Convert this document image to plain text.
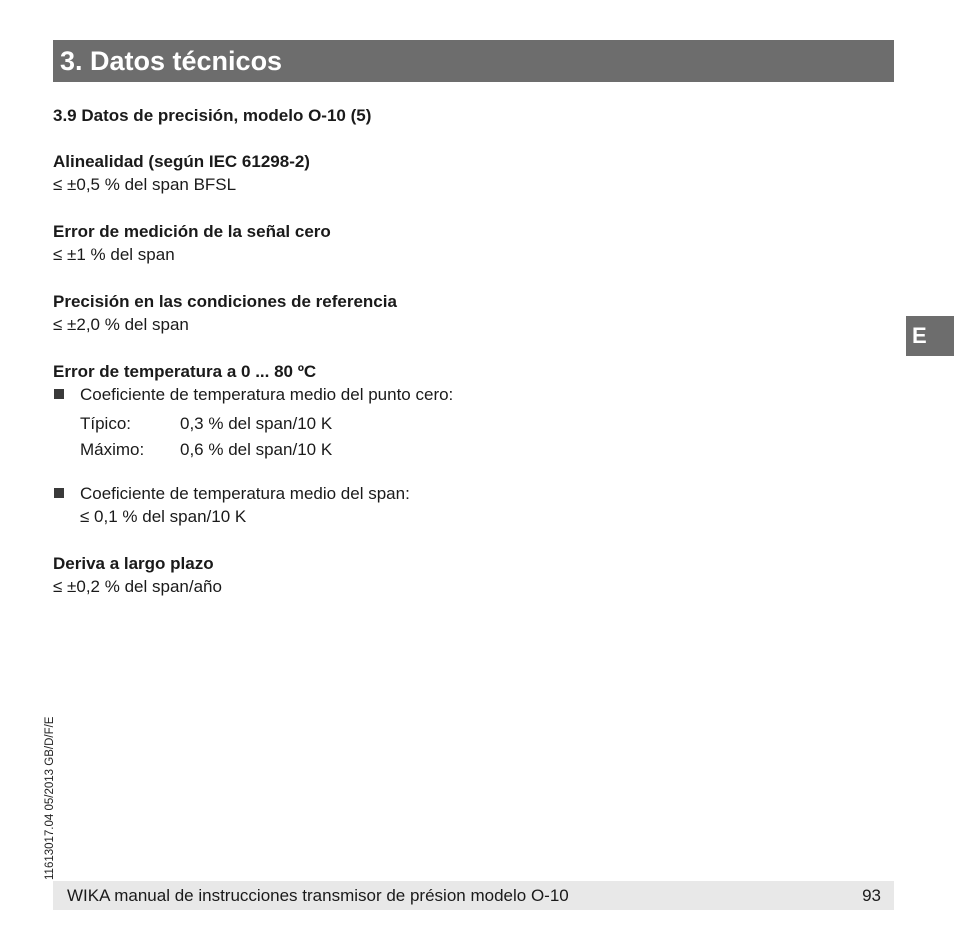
3. Datos técnicos
3.9 Datos de precisión, modelo O-10 (5)
Alinealidad (según IEC 61298-2)
≤ ±0,5 % del span BFSL
Error de medición de la señal cero
≤ ±1 % del span
Precisión en las condiciones de referencia
≤ ±2,0 % del span
Error de temperatura a 0 ... 80 ºC
Coeficiente de temperatura medio del punto cero:
Típico:	0,3 % del span/10 K
Máximo:	0,6 % del span/10 K
Coeficiente de temperatura medio del span:
≤ 0,1 % del span/10 K
Deriva a largo plazo
≤ ±0,2 % del span/año
E
11613017.04 05/2013 GB/D/F/E
WIKA manual de instrucciones transmisor de présion modelo O-10	93
